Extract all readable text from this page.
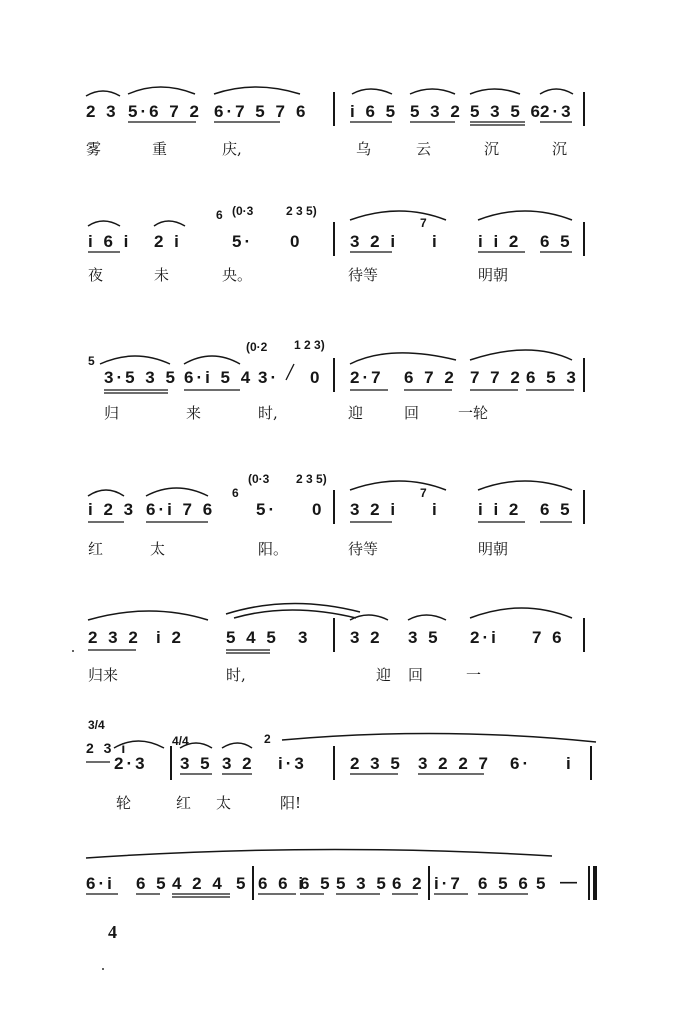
2 3 5·6 7 2 6·7 5 7 6 i 6 5 5 3 2 5 3 5 6
2·3
雾	重	庆,	乌	云	沉	沉
6 (0·3	2 3 5)
7
i 6 i 2 i	5· 0	3 2 i i i i 2 6 5
夜	未	央。	待等	明朝
5
(0·2 1 2 3)
3·5 3 5 6·i 5 4 3· 0 2·7 6 7 2 7 7 2 6 5 3
归	来	时,	迎	回	一轮
6
(0·3 2 3 5)
7
i 2 3 6·i 7 6 5· 0 3 2 i i i i 2 6 5
红	太	阳。	待等	明朝
2 3 2 i 2 5 4 5 3 3 2 3 5 2·i 7 6
归来	时,	迎 回	一
3/4
4/4	2
2 3 i
2·3 3 5 3 2 i·3	2 3 5 3 2 2 7 6· i
轮	红 太	阳!
6·i 6 5 4 2 4 5 6 6 i
6 5 5 3 5 6 2 i·7 6 5 6 5 —
4
